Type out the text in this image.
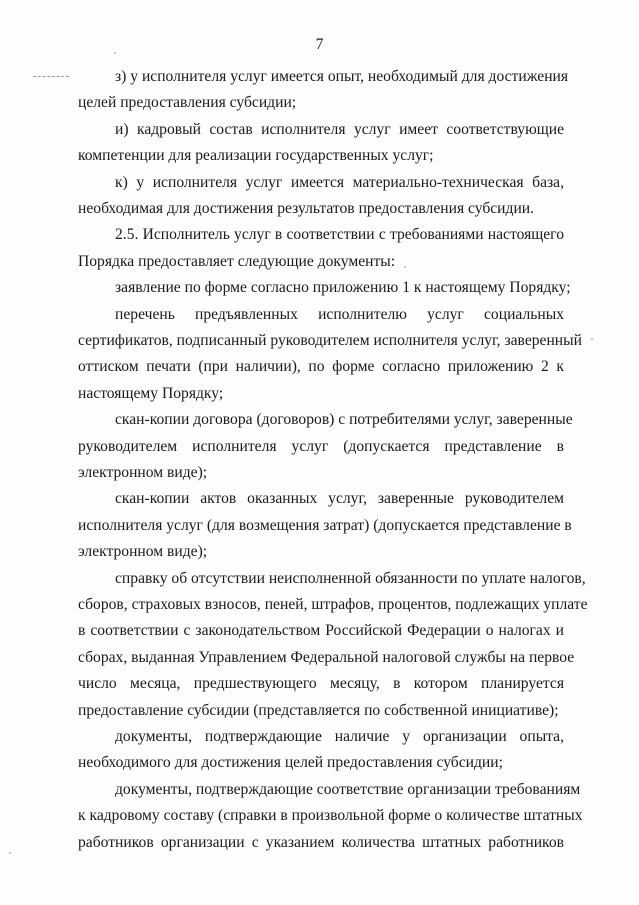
7
з) у исполнителя услуг имеется опыт, необходимый для достижения
целей предоставления субсидии;
и) кадровый состав исполнителя услуг имеет соответствующие
компетенции для реализации государственных услуг;
к) у исполнителя услуг имеется материально-техническая база,
необходимая для достижения результатов предоставления субсидии.
2.5. Исполнитель услуг в соответствии с требованиями настоящего
Порядка предоставляет следующие документы:
заявление по форме согласно приложению 1 к настоящему Порядку;
перечень предъявленных исполнителю услуг социальных
сертификатов, подписанный руководителем исполнителя услуг, заверенный
оттиском печати (при наличии), по форме согласно приложению 2 к
настоящему Порядку;
скан-копии договора (договоров) с потребителями услуг, заверенные
руководителем исполнителя услуг (допускается представление в
электронном виде);
скан-копии актов оказанных услуг, заверенные руководителем
исполнителя услуг (для возмещения затрат) (допускается представление в
электронном виде);
справку об отсутствии неисполненной обязанности по уплате налогов,
сборов, страховых взносов, пеней, штрафов, процентов, подлежащих уплате
в соответствии с законодательством Российской Федерации о налогах и
сборах, выданная Управлением Федеральной налоговой службы на первое
число месяца, предшествующего месяцу, в котором планируется
предоставление субсидии (представляется по собственной инициативе);
документы, подтверждающие наличие у организации опыта,
необходимого для достижения целей предоставления субсидии;
документы, подтверждающие соответствие организации требованиям
к кадровому составу (справки в произвольной форме о количестве штатных
работников организации с указанием количества штатных работников
